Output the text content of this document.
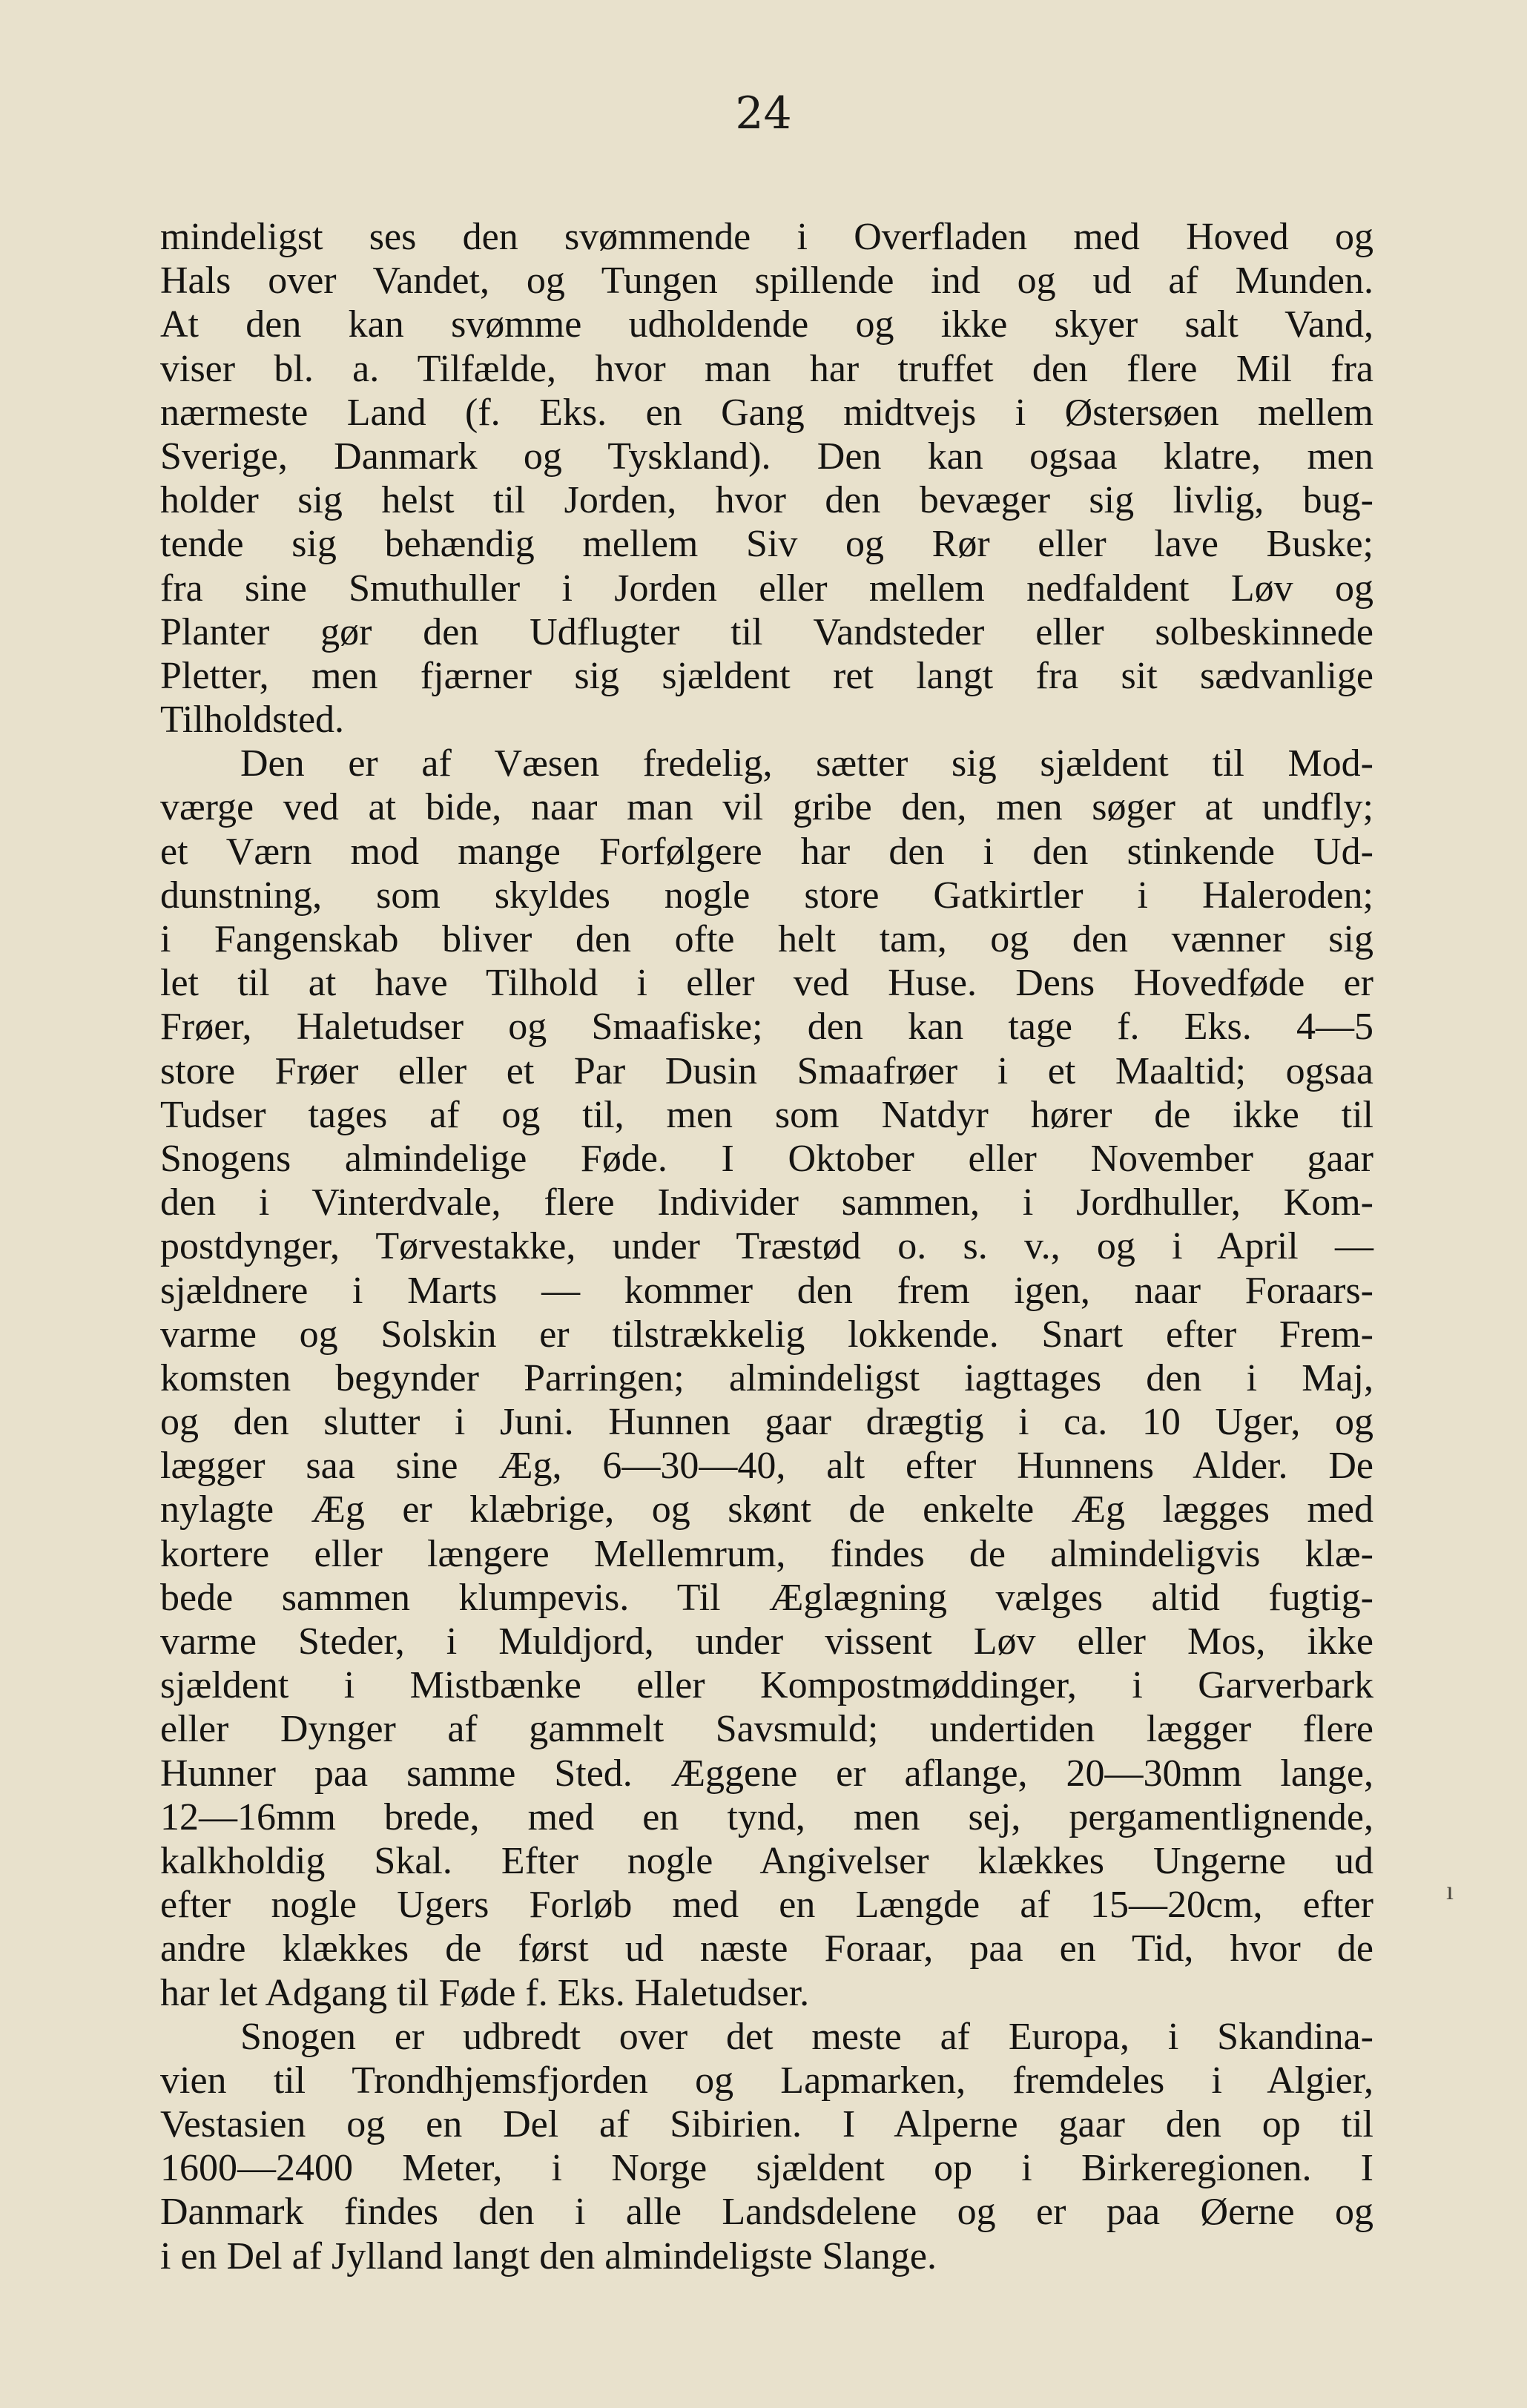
24
mindeligst ses den svømmende i Overfladen med Hoved og
Hals over Vandet, og Tungen spillende ind og ud af Munden.
At den kan svømme udholdende og ikke skyer salt Vand,
viser bl. a. Tilfælde, hvor man har truffet den flere Mil fra
nærmeste Land (f. Eks. en Gang midtvejs i Østersøen mellem
Sverige, Danmark og Tyskland). Den kan ogsaa klatre, men
holder sig helst til Jorden, hvor den bevæger sig livlig, bug-
tende sig behændig mellem Siv og Rør eller lave Buske;
fra sine Smuthuller i Jorden eller mellem nedfaldent Løv og
Planter gør den Udflugter til Vandsteder eller solbeskinnede
Pletter, men fjærner sig sjældent ret langt fra sit sædvanlige
Tilholdsted.
Den er af Væsen fredelig, sætter sig sjældent til Mod-
værge ved at bide, naar man vil gribe den, men søger at undfly;
et Værn mod mange Forfølgere har den i den stinkende Ud-
dunstning, som skyldes nogle store Gatkirtler i Haleroden;
i Fangenskab bliver den ofte helt tam, og den vænner sig
let til at have Tilhold i eller ved Huse. Dens Hovedføde er
Frøer, Haletudser og Smaafiske; den kan tage f. Eks. 4—5
store Frøer eller et Par Dusin Smaafrøer i et Maaltid; ogsaa
Tudser tages af og til, men som Natdyr hører de ikke til
Snogens almindelige Føde. I Oktober eller November gaar
den i Vinterdvale, flere Individer sammen, i Jordhuller, Kom-
postdynger, Tørvestakke, under Træstød o. s. v., og i April —
sjældnere i Marts — kommer den frem igen, naar Foraars-
varme og Solskin er tilstrækkelig lokkende. Snart efter Frem-
komsten begynder Parringen; almindeligst iagttages den i Maj,
og den slutter i Juni. Hunnen gaar drægtig i ca. 10 Uger, og
lægger saa sine Æg, 6—30—40, alt efter Hunnens Alder. De
nylagte Æg er klæbrige, og skønt de enkelte Æg lægges med
kortere eller længere Mellemrum, findes de almindeligvis klæ-
bede sammen klumpevis. Til Æglægning vælges altid fugtig-
varme Steder, i Muldjord, under vissent Løv eller Mos, ikke
sjældent i Mistbænke eller Kompostmøddinger, i Garverbark
eller Dynger af gammelt Savsmuld; undertiden lægger flere
Hunner paa samme Sted. Æggene er aflange, 20—30mm lange,
12—16mm brede, med en tynd, men sej, pergamentlignende,
kalkholdig Skal. Efter nogle Angivelser klækkes Ungerne ud
efter nogle Ugers Forløb med en Længde af 15—20cm, efter
andre klækkes de først ud næste Foraar, paa en Tid, hvor de
har let Adgang til Føde f. Eks. Haletudser.
Snogen er udbredt over det meste af Europa, i Skandina-
vien til Trondhjemsfjorden og Lapmarken, fremdeles i Algier,
Vestasien og en Del af Sibirien. I Alperne gaar den op til
1600—2400 Meter, i Norge sjældent op i Birkeregionen. I
Danmark findes den i alle Landsdelene og er paa Øerne og
i en Del af Jylland langt den almindeligste Slange.
ı
